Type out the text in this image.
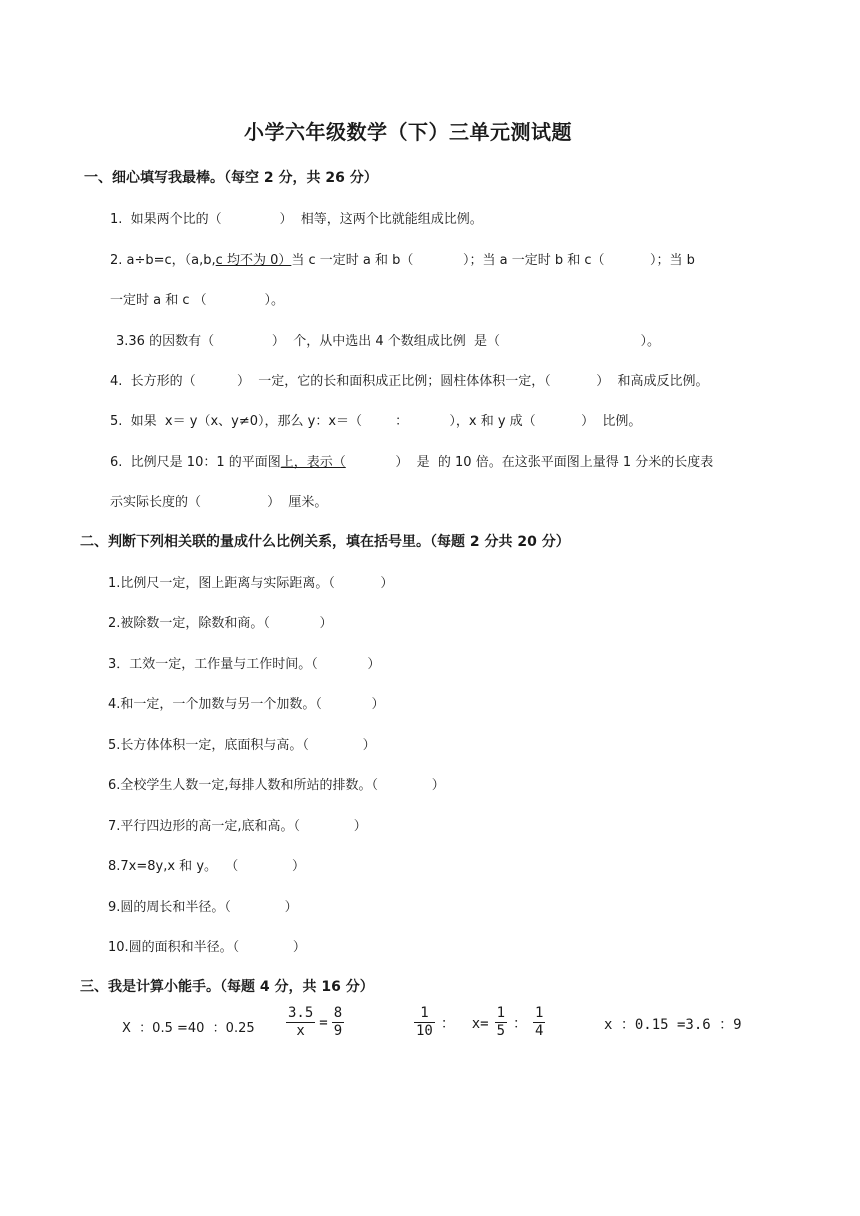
小学六年级数学（下）三单元测试题
一、细心填写我最棒。（每空 2 分，共 26 分）
1.  如果两个比的（              ）  相等，这两个比就能组成比例。
2. a÷b=c，（a,b,c 均不为 0）当 c 一定时 a 和 b（            ）；当 a 一定时 b 和 c（           ）；当 b
一定时 a 和 c （              ）。
3.36 的因数有（              ）  个，从中选出 4 个数组成比例  是（                                  ）。
4.  长方形的（          ）  一定，它的长和面积成正比例；圆柱体体积一定，（           ）  和高成反比例。
5.  如果  x＝ y（x、y≠0），那么 y：x＝（        ：          ），x 和 y 成（           ）  比例。
6.  比例尺是 10：1 的平面图上，表示（            ）  是  的 10 倍。在这张平面图上量得 1 分米的长度表
示实际长度的（                ）  厘米。
二、判断下列相关联的量成什么比例关系，填在括号里。（每题 2 分共 20 分）
1.比例尺一定，图上距离与实际距离。（           ）
2.被除数一定，除数和商。（            ）
3．工效一定，工作量与工作时间。（            ）
4.和一定，一个加数与另一个加数。（            ）
5.长方体体积一定，底面积与高。（             ）
6.全校学生人数一定,每排人数和所站的排数。（             ）
7.平行四边形的高一定,底和高。（             ）
8.7x=8y,x 和 y。  （             ）
9.圆的周长和半径。（             ）
10.圆的面积和半径。（             ）
三、我是计算小能手。（每题 4 分，共 16 分）
X  ：0.5 =40  ：$0.25 \frac{3.5}{x} = \frac{8}{9}$	$\frac{1}{10}$ ：  $x= \frac{1}{5}$ ： $\frac{1}{4}$	x ：0.15 =3.6 ：9
